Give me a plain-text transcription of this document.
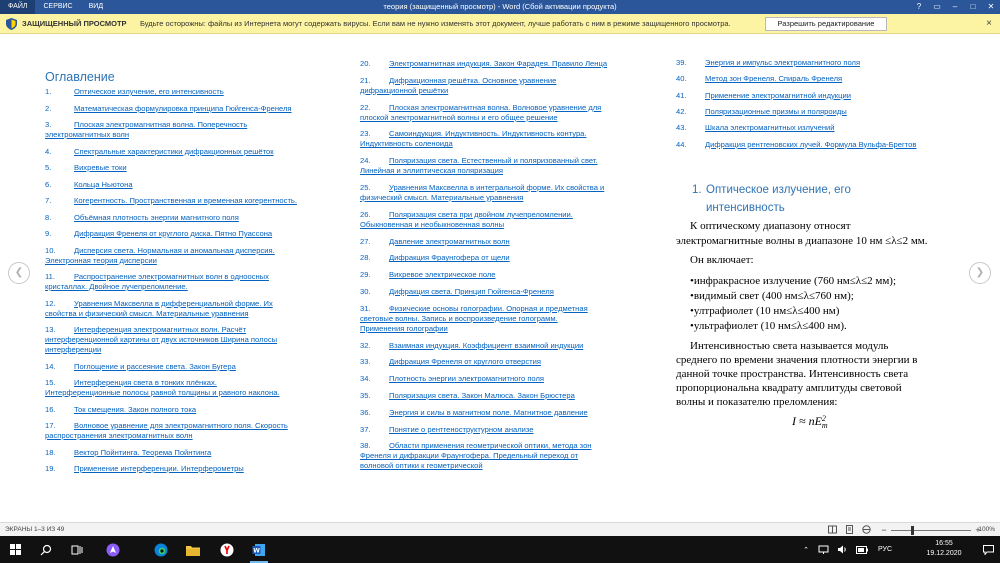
ФАЙЛ	СЕРВИС	ВИД	теория (защищенный просмотр) - Word (Сбой активации продукта)	?	▭	–	□	✕
ЗАЩИЩЕННЫЙ ПРОСМОТР Будьте осторожны: файлы из Интернета могут содержать вирусы. Если вам не нужно изменять этот документ, лучше работать с ним в режиме защищенного просмотра.	Разрешить редактирование	×
❮	❯
Оглавление
1.	Оптическое излучение, его интенсивность
2.	Математическая формулировка принципа Гюйгенса-Френеля
3.	Плоская электромагнитная волна. Поперечность
электромагнитных волн
4.	Спектральные характеристики дифракционных решёток
5.	Вихревые токи
6.	Кольца Ньютона
7.	Когерентность. Пространственная и временная когерентность.
8.	Объёмная плотность энергии магнитного поля
9.	Дифракция Френеля от круглого диска. Пятно Пуассона
10. Дисперсия света. Нормальная и аномальная дисперсия.
Электронная теория дисперсии
11.	Распространение электромагнитных волн в одноосных
кристаллах. Двойное лучепреломление.
12. Уравнения Максвелла в дифференциальной форме. Их
свойства и физический смысл. Материальные уравнения
13. Интерференция электромагнитных волн. Расчёт
интерференционной картины от двух источников Ширина полосы
интерференции
14. Поглощение и рассеяние света. Закон Бугера
15. Интерференция света в тонких плёнках.
Интерференционные полосы равной толщины и равного наклона.
16. Ток смещения. Закон полного тока
17. Волновое уравнение для электромагнитного поля. Скорость
распространения электромагнитных волн
18. Вектор Пойнтинга. Теорема Пойнтинга
19. Применение интерференции. Интерферометры
20. Электромагнитная индукция. Закон Фарадея. Правило Ленца
21. Дифракционная решётка. Основное уравнение
дифракционной решётки
22. Плоская электромагнитная волна. Волновое уравнение для
плоской электромагнитной волны и его общее решение
23. Самоиндукция. Индуктивность. Индуктивность контура.
Индуктивность соленоида
24. Поляризация света. Естественный и поляризованный свет.
Линейная и эллиптическая поляризация
25. Уравнения Максвелла в интегральной форме. Их свойства и
физический смысл. Материальные уравнения
26. Поляризация света при двойном лучепреломлении.
Обыкновенная и необыкновенная волны
27. Давление электромагнитных волн
28. Дифракция Фраунгофера от щели
29. Вихревое электрическое поле
30. Дифракция света. Принцип Гюйгенса-Френеля
31. Физические основы голографии. Опорная и предметная
световые волны. Запись и воспроизведение голограмм.
Применения голографии
32. Взаимная индукция. Коэффициент взаимной индукции
33. Дифракция Френеля от круглого отверстия
34. Плотность энергии электромагнитного поля
35. Поляризация света. Закон Малюса. Закон Брюстера
36. Энергия и силы в магнитном поле. Магнитное давление
37. Понятие о рентгеноструктурном анализе
38. Области применения геометрической оптики, метода зон
Френеля и дифракции Фраунгофера. Предельный переход от
волновой оптики к геометрической
39. Энергия и импульс электромагнитного поля
40. Метод зон Френеля. Спираль Френеля
41. Применение электромагнитной индукции
42. Поляризационные призмы и поляроиды
43. Шкала электромагнитных излучений
44. Дифракция рентгеновских лучей. Формула Вульфа-Брегтов
1. Оптическое излучение, его
интенсивность
К оптическому диапазону относят
электромагнитные волны в диапазоне 10 нм ≤λ≤2 мм.
Он включает:
•инфракрасное излучение (760 нм≤λ≤2 мм);
•видимый свет (400 нм≤λ≤760 нм);
•ултрафиолет (10 нм≤λ≤400 нм)
•ультрафиолет (10 нм≤λ≤400 нм).
Интенсивностью света называется модуль
среднего по времени значения плотности энергии в
данной точке пространства. Интенсивность света
пропорциональна квадрату амплитуды световой
волны и показателю преломления:
I ≈ nE 2
m
ЭКРАНЫ 1–3 ИЗ 49	−	+
100%
W	⌃	РУС
16:55
19.12.2020
